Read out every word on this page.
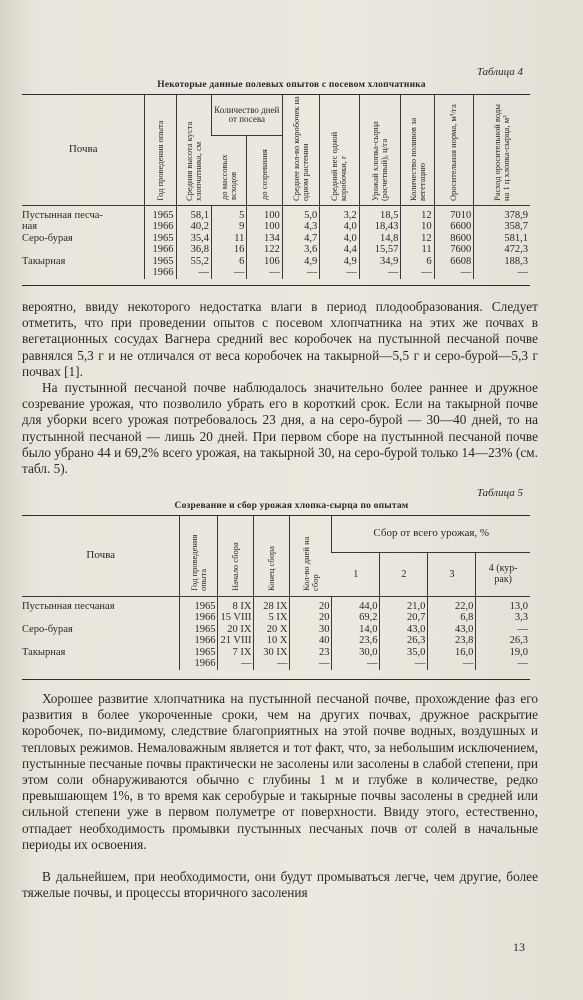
Таблица 4
Некоторые данные полевых опытов с посевом хлопчатника
Почва	Год проведения опыта	Средняя высота куста хлопчатника, см	Количество дней от посева		Среднее кол-во коробочек на одном растении	Средний вес одной коробочки, г	Урожай хлопка-сырца (расчетный), ц/га	Количество поливов за вегетацию	Оросительная норма, м³/га	Расход оросительной воды на 1 ц хлопка-сырца, м³
			до массовых всходов	до созревания						
Пустынная песча-	1965	58,1	5	100	5,0	3,2	18,5	12	7010	378,9
ная	1966	40,2	9	100	4,3	4,0	18,43	10	6600	358,7
Серо-бурая	1965	35,4	11	134	4,7	4,0	14,8	12	8600	581,1
	1966	36,8	16	122	3,6	4,4	15,57	11	7600	472,3
Такырная	1965	55,2	6	106	4,9	4,9	34,9	6	6608	188,3
	1966	—	—	—	—	—	—	—	—	—

вероятно, ввиду некоторого недостатка влаги в период плодообразования. Следует отметить, что при проведении опытов с посевом хлопчатника на этих же почвах в вегетационных сосудах Вагнера средний вес коробочек на пустынной песчаной почве равнялся 5,3 г и не отличался от веса коробочек на такырной—5,5 г и серо-бурой—5,3 г почвах [1].

На пустынной песчаной почве наблюдалось значительно более раннее и дружное созревание урожая, что позволило убрать его в короткий срок. Если на такырной почве для уборки всего урожая потребовалось 23 дня, а на серо-бурой — 30—40 дней, то на пустынной песчаной — лишь 20 дней. При первом сборе на пустынной песчаной почве было убрано 44 и 69,2% всего урожая, на такырной 30, на серо-бурой только 14—23% (см. табл. 5).

Таблица 5
Созревание и сбор урожая хлопка-сырца по опытам
Почва	Год проведения опыта	Начало сбора	Конец сбора	Кол-во дней на сбор	Сбор от всего урожая, %			
					1	2	3	4 (кур-
рак)
Пустынная песчаная	1965	8 IX	28 IX	20	44,0	21,0	22,0	13,0
	1966	15 VIII	5 IX	20	69,2	20,7	6,8	3,3
Серо-бурая	1965	20 IX	20 X	30	14,0	43,0	43,0	—
	1966	21 VIII	10 X	40	23,6	26,3	23,8	26,3
Такырная	1965	7 IX	30 IX	23	30,0	35,0	16,0	19,0
	1966	—	—	—	—	—	—	—

Хорошее развитие хлопчатника на пустынной песчаной почве, прохождение фаз его развития в более укороченные сроки, чем на других почвах, дружное раскрытие коробочек, по-видимому, следствие благоприятных на этой почве водных, воздушных и тепловых режимов. Немаловажным является и тот факт, что, за небольшим исключением, пустынные песчаные почвы практически не засолены или засолены в слабой степени, при этом соли обнаруживаются обычно с глубины 1 м и глубже в количестве, редко превышающем 1%, в то время как серобурые и такырные почвы засолены в средней или сильной степени уже в первом полуметре от поверхности. Ввиду этого, естественно, отпадает необходимость промывки пустынных песчаных почв от солей в начальные периоды их освоения.

В дальнейшем, при необходимости, они будут промываться легче, чем другие, более тяжелые почвы, и процессы вторичного засоления

13
